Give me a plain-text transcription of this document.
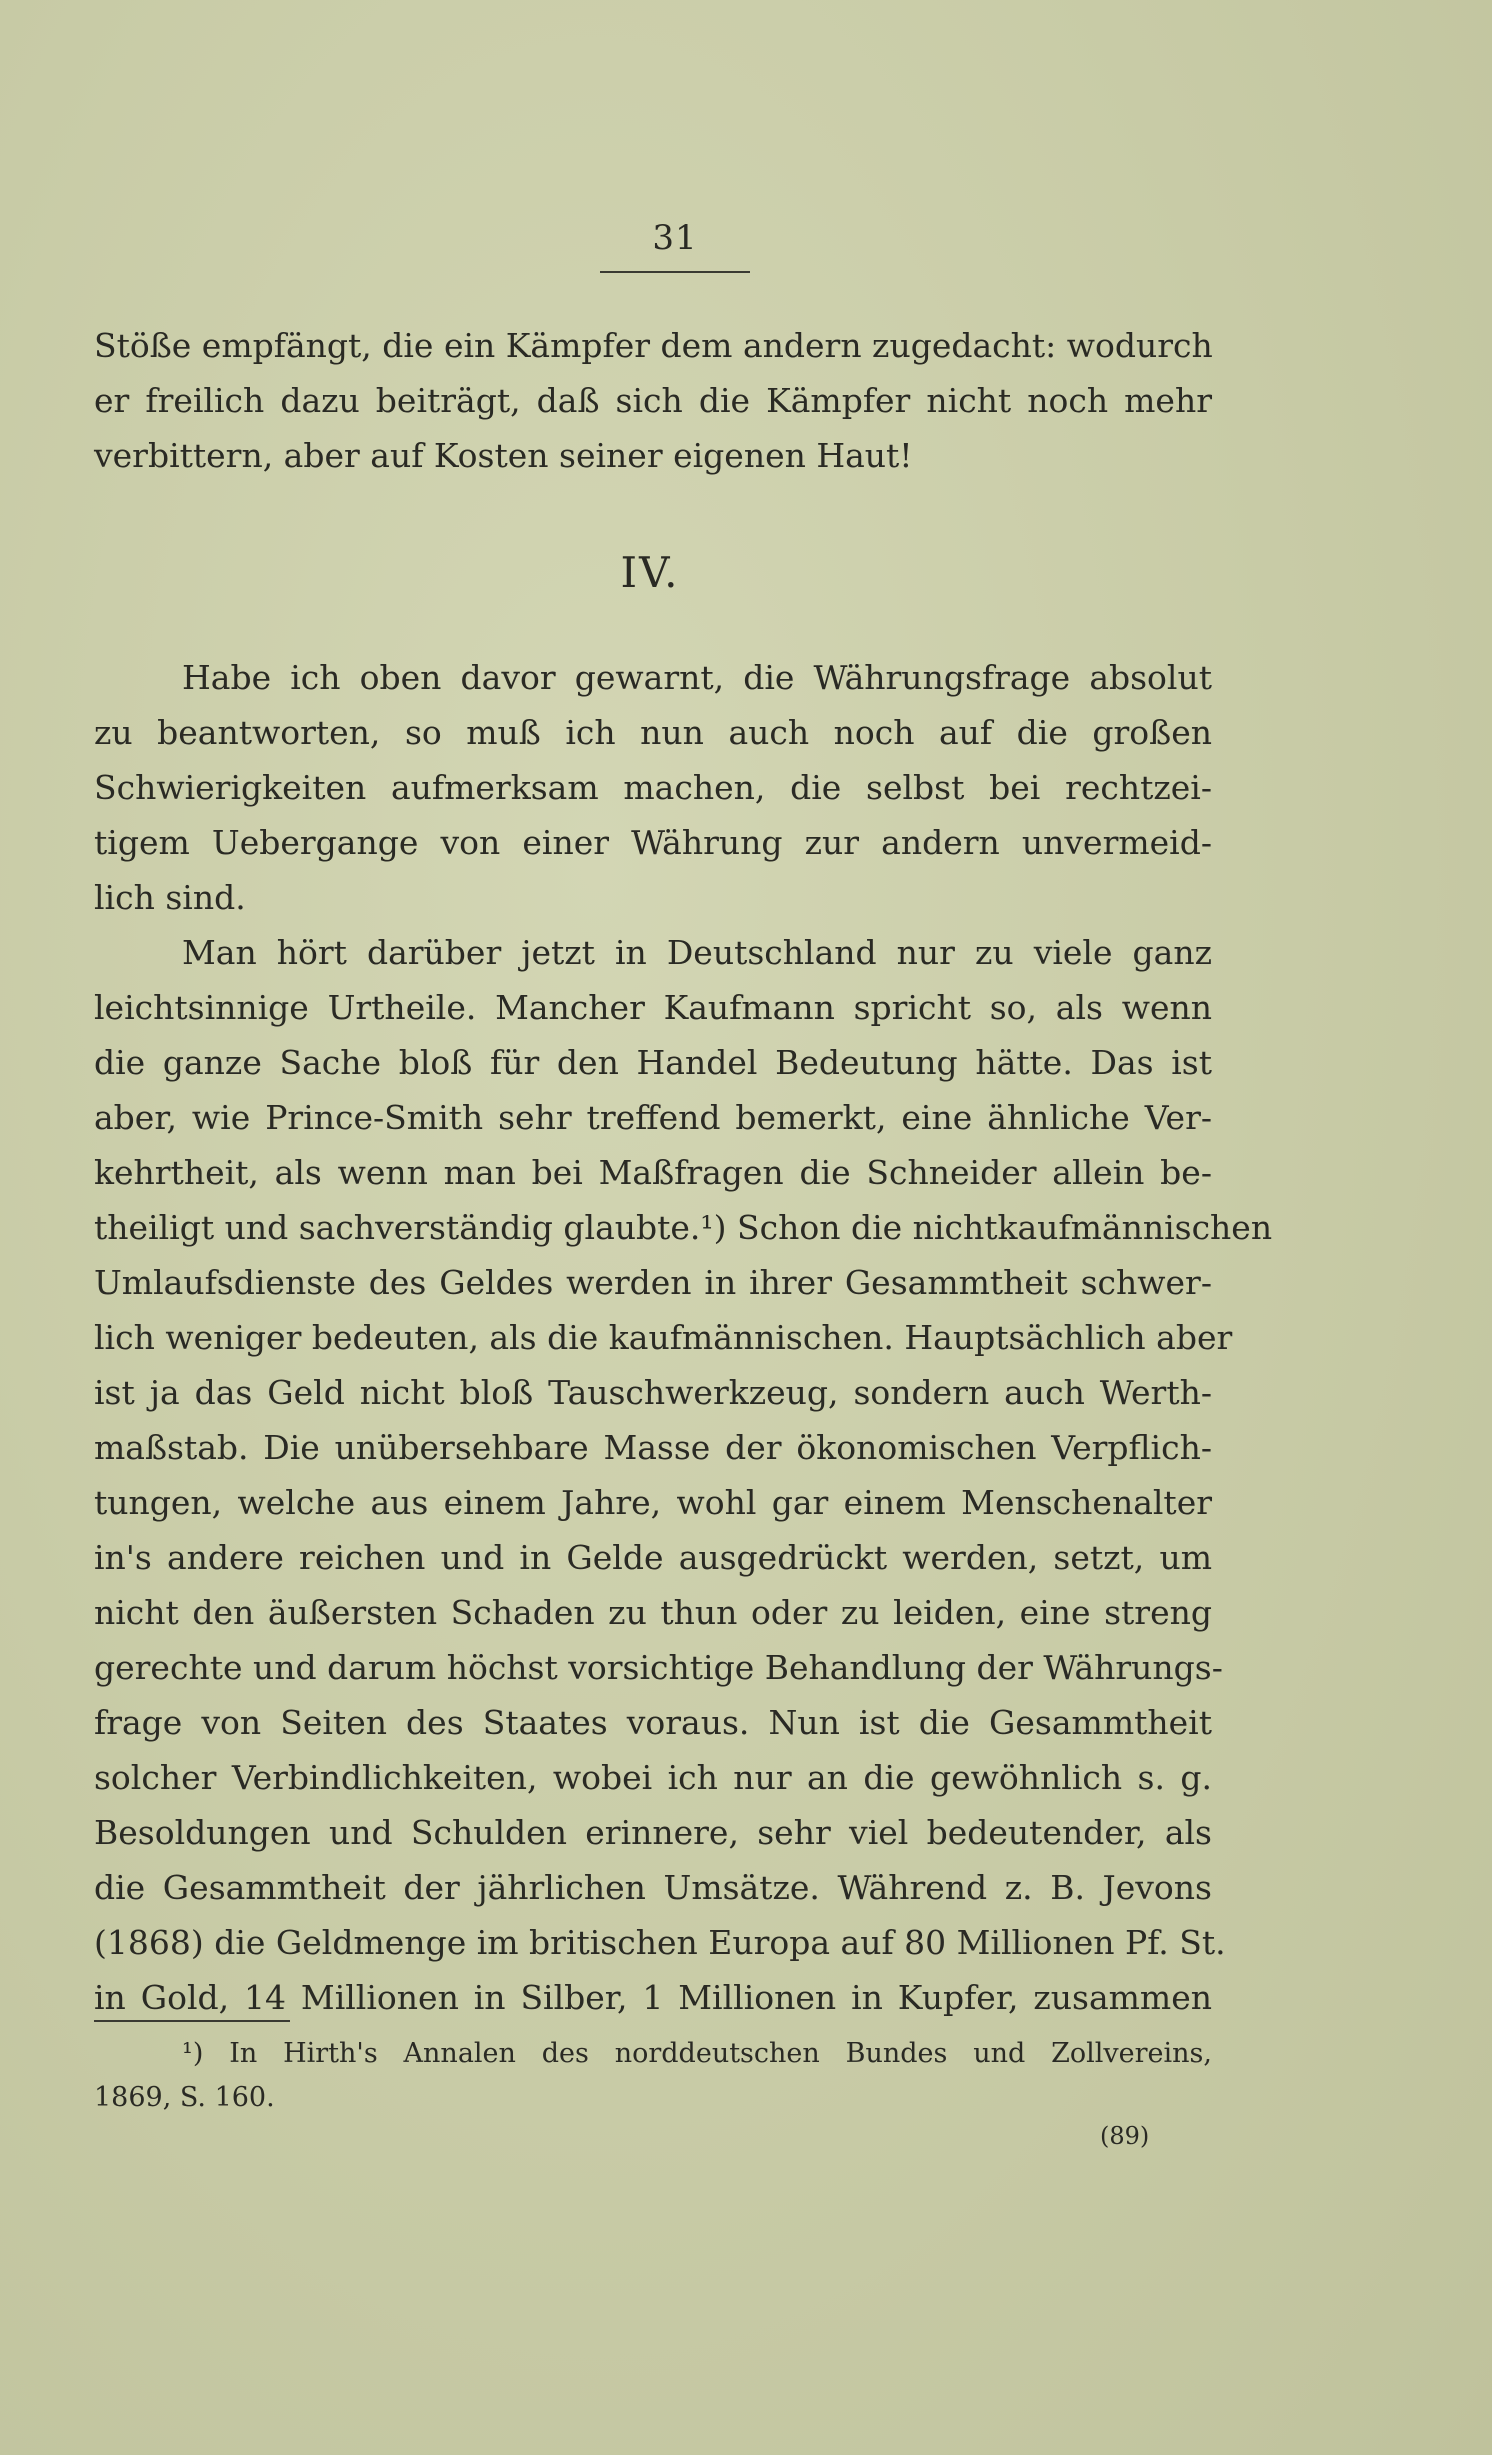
31
Stöße empfängt, die ein Kämpfer dem andern zugedacht: wodurch
er freilich dazu beiträgt, daß sich die Kämpfer nicht noch mehr
verbittern, aber auf Kosten seiner eigenen Haut!
IV.
Habe ich oben davor gewarnt, die Währungsfrage absolut
zu beantworten, so muß ich nun auch noch auf die großen
Schwierigkeiten aufmerksam machen, die selbst bei rechtzei-
tigem Uebergange von einer Währung zur andern unvermeid-
lich sind.
Man hört darüber jetzt in Deutschland nur zu viele ganz
leichtsinnige Urtheile. Mancher Kaufmann spricht so, als wenn
die ganze Sache bloß für den Handel Bedeutung hätte. Das ist
aber, wie Prince-Smith sehr treffend bemerkt, eine ähnliche Ver-
kehrtheit, als wenn man bei Maßfragen die Schneider allein be-
theiligt und sachverständig glaubte.¹) Schon die nichtkaufmännischen
Umlaufsdienste des Geldes werden in ihrer Gesammtheit schwer-
lich weniger bedeuten, als die kaufmännischen. Hauptsächlich aber
ist ja das Geld nicht bloß Tauschwerkzeug, sondern auch Werth-
maßstab. Die unübersehbare Masse der ökonomischen Verpflich-
tungen, welche aus einem Jahre, wohl gar einem Menschenalter
in's andere reichen und in Gelde ausgedrückt werden, setzt, um
nicht den äußersten Schaden zu thun oder zu leiden, eine streng
gerechte und darum höchst vorsichtige Behandlung der Währungs-
frage von Seiten des Staates voraus. Nun ist die Gesammtheit
solcher Verbindlichkeiten, wobei ich nur an die gewöhnlich s. g.
Besoldungen und Schulden erinnere, sehr viel bedeutender, als
die Gesammtheit der jährlichen Umsätze. Während z. B. Jevons
(1868) die Geldmenge im britischen Europa auf 80 Millionen Pf. St.
in Gold, 14 Millionen in Silber, 1 Millionen in Kupfer, zusammen
¹) In Hirth's Annalen des norddeutschen Bundes und Zollvereins,
1869, S. 160.
(89)
